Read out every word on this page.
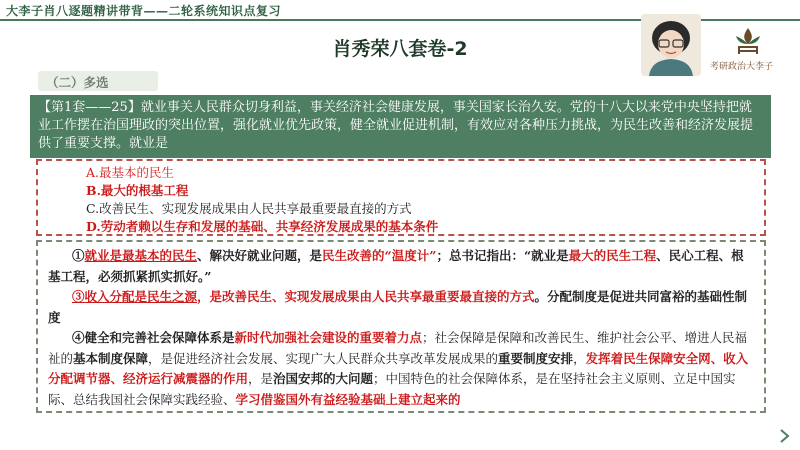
大李子肖八逐题精讲带背——二轮系统知识点复习
肖秀荣八套卷-2
考研政治大李子
（二）多选
【第1套——25】就业事关人民群众切身利益，事关经济社会健康发展，事关国家长治久安。党的十八大以来党中央坚持把就业工作摆在治国理政的突出位置，强化就业优先政策，健全就业促进机制，有效应对各种压力挑战，为民生改善和经济发展提供了重要支撑。就业是
A.最基本的民生
B.最大的根基工程
C.改善民生、实现发展成果由人民共享最重要最直接的方式
D.劳动者赖以生存和发展的基础、共享经济发展成果的基本条件
①就业是最基本的民生、解决好就业问题，是民生改善的“温度计”；总书记指出：“就业是最大的民生工程、民心工程、根基工程，必须抓紧抓实抓好。”
③收入分配是民生之源，是改善民生、实现发展成果由人民共享最重要最直接的方式。分配制度是促进共同富裕的基础性制度
④健全和完善社会保障体系是新时代加强社会建设的重要着力点；社会保障是保障和改善民生、维护社会公平、增进人民福祉的基本制度保障，是促进经济社会发展、实现广大人民群众共享改革发展成果的重要制度安排，发挥着民生保障安全网、收入分配调节器、经济运行减震器的作用，是治国安邦的大问题；中国特色的社会保障体系，是在坚持社会主义原则、立足中国实际、总结我国社会保障实践经验、学习借鉴国外有益经验基础上建立起来的
